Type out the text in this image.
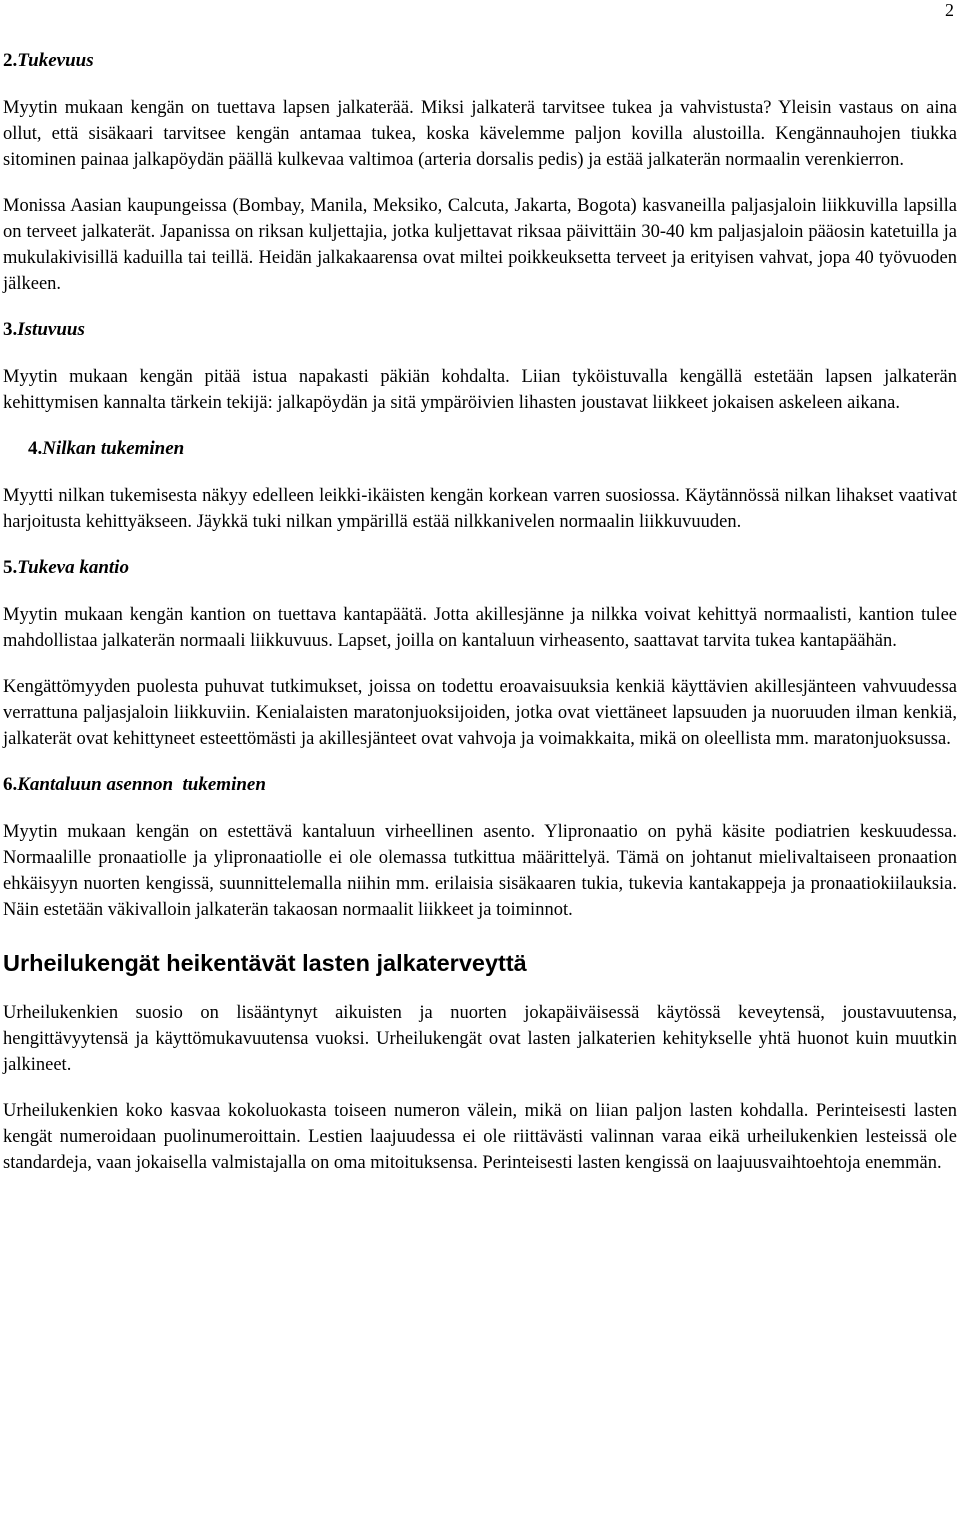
2
2.Tukevuus

Myytin mukaan kengän on tuettava lapsen jalkaterää. Miksi jalkaterä tarvitsee tukea ja vahvistusta? Yleisin vastaus on aina ollut, että sisäkaari tarvitsee kengän antamaa tukea, koska kävelemme paljon kovilla alustoilla. Kengännauhojen tiukka sitominen painaa jalkapöydän päällä kulkevaa valtimoa (arteria dorsalis pedis) ja estää jalkaterän normaalin verenkierron.

Monissa Aasian kaupungeissa (Bombay, Manila, Meksiko, Calcuta, Jakarta, Bogota) kasvaneilla paljasjaloin liikkuvilla lapsilla on terveet jalkaterät. Japanissa on riksan kuljettajia, jotka kuljettavat riksaa päivittäin 30-40 km paljasjaloin pääosin katetuilla ja mukulakivisillä kaduilla tai teillä. Heidän jalkakaarensa ovat miltei poikkeuksetta terveet ja erityisen vahvat, jopa 40 työvuoden jälkeen.

3.Istuvuus

Myytin mukaan kengän pitää istua napakasti päkiän kohdalta. Liian tyköistuvalla kengällä estetään lapsen jalkaterän kehittymisen kannalta tärkein tekijä: jalkapöydän ja sitä ympäröivien lihasten joustavat liikkeet jokaisen askeleen aikana.

4.Nilkan tukeminen

Myytti nilkan tukemisesta näkyy edelleen leikki-ikäisten kengän korkean varren suosiossa. Käytännössä nilkan lihakset vaativat harjoitusta kehittyäkseen. Jäykkä tuki nilkan ympärillä estää nilkkanivelen normaalin liikkuvuuden.

5.Tukeva kantio

Myytin mukaan kengän kantion on tuettava kantapäätä. Jotta akillesjänne ja nilkka voivat kehittyä normaalisti, kantion tulee mahdollistaa jalkaterän normaali liikkuvuus. Lapset, joilla on kantaluun virheasento, saattavat tarvita tukea kantapäähän.

Kengättömyyden puolesta puhuvat tutkimukset, joissa on todettu eroavaisuuksia kenkiä käyttävien akillesjänteen vahvuudessa verrattuna paljasjaloin liikkuviin. Kenialaisten maratonjuoksijoiden, jotka ovat viettäneet lapsuuden ja nuoruuden ilman kenkiä, jalkaterät ovat kehittyneet esteettömästi ja akillesjänteet ovat vahvoja ja voimakkaita, mikä on oleellista mm. maratonjuoksussa.

6.Kantaluun asennon  tukeminen

Myytin mukaan kengän on estettävä kantaluun virheellinen asento. Ylipronaatio on pyhä käsite podiatrien keskuudessa. Normaalille pronaatiolle ja ylipronaatiolle ei ole olemassa tutkittua määrittelyä. Tämä on johtanut mielivaltaiseen pronaation ehkäisyyn nuorten kengissä, suunnittelemalla niihin mm. erilaisia sisäkaaren tukia, tukevia kantakappeja ja pronaatiokiilauksia. Näin estetään väkivalloin jalkaterän takaosan normaalit liikkeet ja toiminnot.

Urheilukengät heikentävät lasten jalkaterveyttä

Urheilukenkien suosio on lisääntynyt aikuisten ja nuorten jokapäiväisessä käytössä keveytensä, joustavuutensa, hengittävyytensä ja käyttömukavuutensa vuoksi. Urheilukengät ovat lasten jalkaterien kehitykselle yhtä huonot kuin muutkin jalkineet.

Urheilukenkien koko kasvaa kokoluokasta toiseen numeron välein, mikä on liian paljon lasten kohdalla. Perinteisesti lasten kengät numeroidaan puolinumeroittain. Lestien laajuudessa ei ole riittävästi valinnan varaa eikä urheilukenkien lesteissä ole standardeja, vaan jokaisella valmistajalla on oma mitoituksensa. Perinteisesti lasten kengissä on laajuusvaihtoehtoja enemmän.
